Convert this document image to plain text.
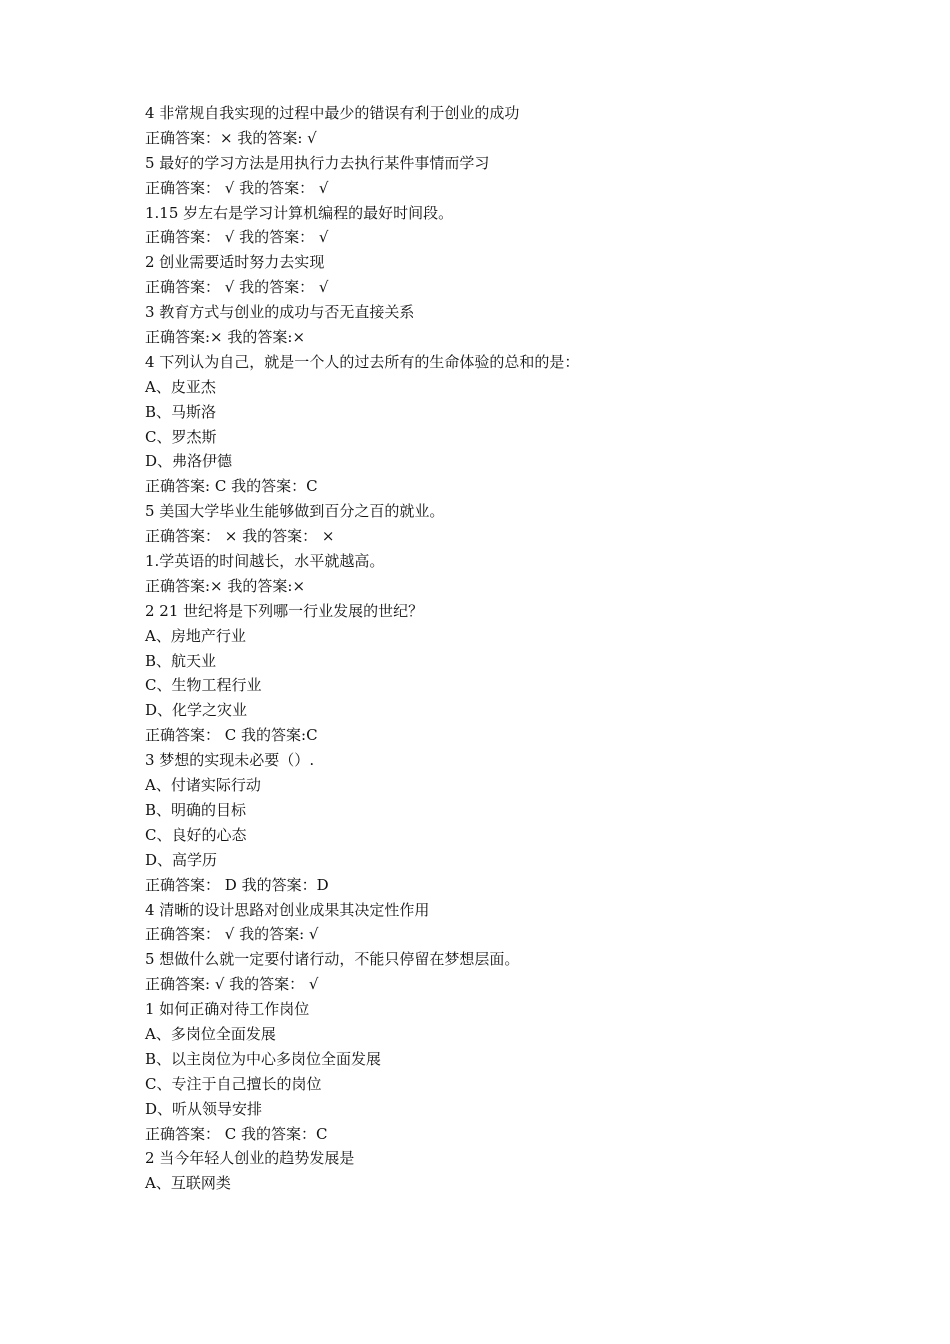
4 非常规自我实现的过程中最少的错误有利于创业的成功
正确答案：× 我的答案: √
5 最好的学习方法是用执行力去执行某件事情而学习
正确答案： √ 我的答案： √
1.15 岁左右是学习计算机编程的最好时间段。
正确答案： √ 我的答案： √
2 创业需要适时努力去实现
正确答案： √ 我的答案： √
3 教育方式与创业的成功与否无直接关系
正确答案:× 我的答案:×
4 下列认为自己，就是一个人的过去所有的生命体验的总和的是：
A、皮亚杰
B、马斯洛
C、罗杰斯
D、弗洛伊德
正确答案: C 我的答案：C
5 美国大学毕业生能够做到百分之百的就业。
正确答案： × 我的答案： ×
1.学英语的时间越长，水平就越高。
正确答案:× 我的答案:×
2 21 世纪将是下列哪一行业发展的世纪？
A、房地产行业
B、航天业
C、生物工程行业
D、化学之灾业
正确答案： C 我的答案:C
3 梦想的实现未必要（）.
A、付诸实际行动
B、明确的目标
C、良好的心态
D、高学历
正确答案： D 我的答案：D
4 清晰的设计思路对创业成果其决定性作用
正确答案： √ 我的答案: √
5 想做什么就一定要付诸行动，不能只停留在梦想层面。
正确答案: √ 我的答案： √
1 如何正确对待工作岗位
A、多岗位全面发展
B、以主岗位为中心多岗位全面发展
C、专注于自己擅长的岗位
D、听从领导安排
正确答案： C 我的答案：C
2 当今年轻人创业的趋势发展是
A、互联网类
